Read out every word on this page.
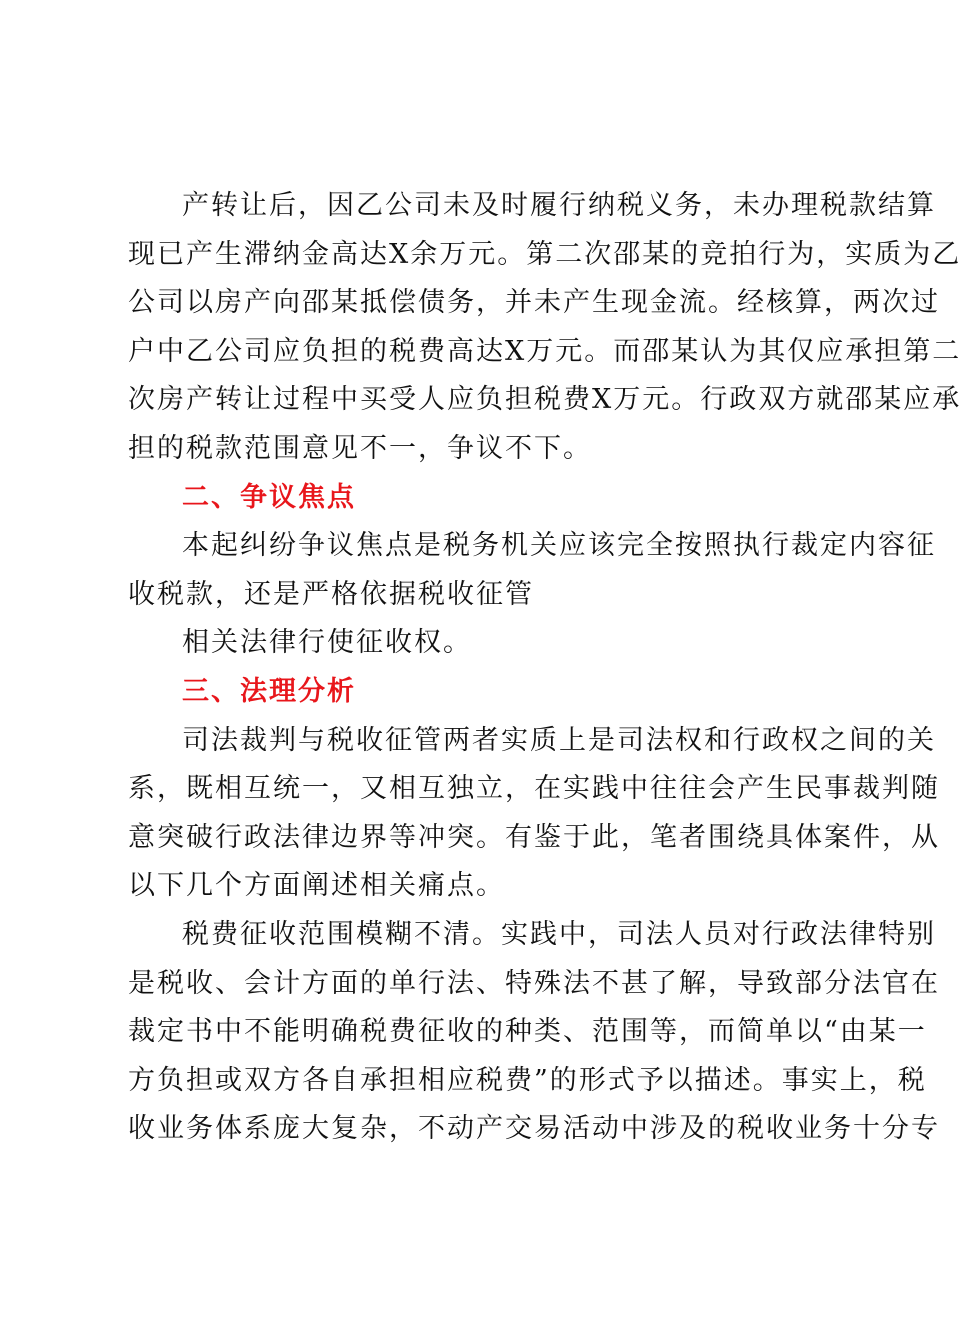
产转让后，因乙公司未及时履行纳税义务，未办理税款结算
现已产生滞纳金高达X余万元。第二次邵某的竞拍行为，实质为乙
公司以房产向邵某抵偿债务，并未产生现金流。经核算，两次过
户中乙公司应负担的税费高达X万元。而邵某认为其仅应承担第二
次房产转让过程中买受人应负担税费X万元。行政双方就邵某应承
担的税款范围意见不一，争议不下。
二、争议焦点
本起纠纷争议焦点是税务机关应该完全按照执行裁定内容征
收税款，还是严格依据税收征管
相关法律行使征收权。
三、法理分析
司法裁判与税收征管两者实质上是司法权和行政权之间的关
系，既相互统一，又相互独立，在实践中往往会产生民事裁判随
意突破行政法律边界等冲突。有鉴于此，笔者围绕具体案件，从
以下几个方面阐述相关痛点。
税费征收范围模糊不清。实践中，司法人员对行政法律特别
是税收、会计方面的单行法、特殊法不甚了解，导致部分法官在
裁定书中不能明确税费征收的种类、范围等，而简单以“由某一
方负担或双方各自承担相应税费”的形式予以描述。事实上，税
收业务体系庞大复杂，不动产交易活动中涉及的税收业务十分专
